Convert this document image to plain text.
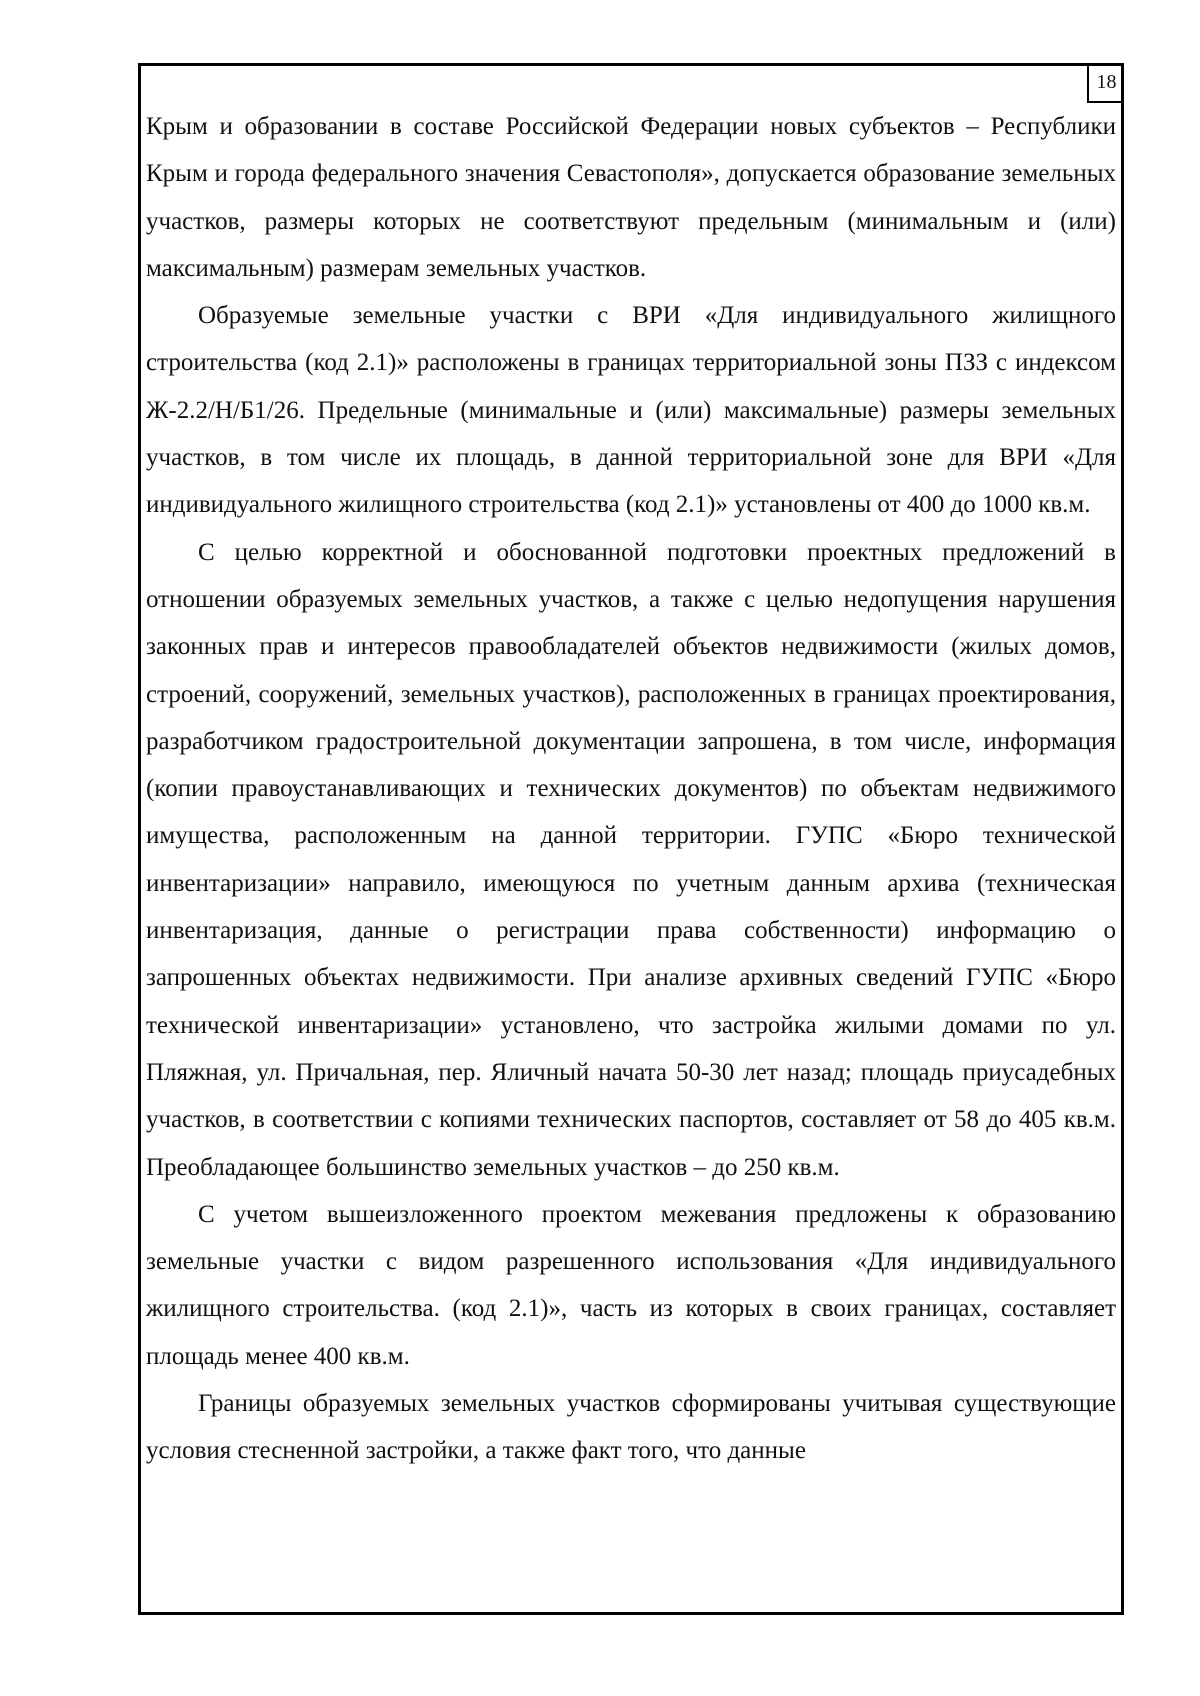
18

Крым и образовании в составе Российской Федерации новых субъектов – Республики Крым и города федерального значения Севастополя», допускается образование земельных участков, размеры которых не соответствуют предельным (минимальным и (или) максимальным) размерам земельных участков.

Образуемые земельные участки с ВРИ «Для индивидуального жилищного строительства (код 2.1)» расположены в границах территориальной зоны ПЗЗ с индексом Ж-2.2/Н/Б1/26. Предельные (минимальные и (или) максимальные) размеры земельных участков, в том числе их площадь, в данной территориальной зоне для ВРИ «Для индивидуального жилищного строительства (код 2.1)» установлены от 400 до 1000 кв.м.

С целью корректной и обоснованной подготовки проектных предложений в отношении образуемых земельных участков, а также с целью недопущения нарушения законных прав и интересов правообладателей объектов недвижимости (жилых домов, строений, сооружений, земельных участков), расположенных в границах проектирования, разработчиком градостроительной документации запрошена, в том числе, информация (копии правоустанавливающих и технических документов) по объектам недвижимого имущества, расположенным на данной территории. ГУПС «Бюро технической инвентаризации» направило, имеющуюся по учетным данным архива (техническая инвентаризация, данные о регистрации права собственности) информацию о запрошенных объектах недвижимости. При анализе архивных сведений ГУПС «Бюро технической инвентаризации» установлено, что застройка жилыми домами по ул. Пляжная, ул. Причальная, пер. Яличный начата 50-30 лет назад; площадь приусадебных участков, в соответствии с копиями технических паспортов, составляет от 58 до 405 кв.м. Преобладающее большинство земельных участков – до 250 кв.м.

С учетом вышеизложенного проектом межевания предложены к образованию земельные участки с видом разрешенного использования «Для индивидуального жилищного строительства. (код 2.1)», часть из которых в своих границах, составляет площадь менее 400 кв.м.

Границы образуемых земельных участков сформированы учитывая существующие условия стесненной застройки, а также факт того, что данные
